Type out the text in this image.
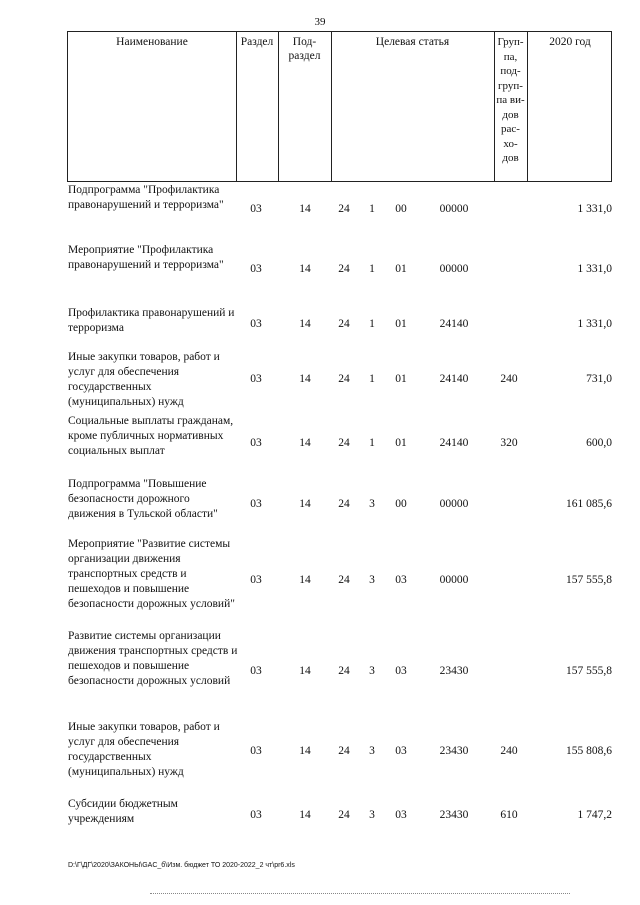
39
Наименование	Раздел	Под-
раздел
Целевая статья	Груп-
па,
под-
груп-
па ви-
дов
рас-
хо-
дов
2020 год
Подпрограмма "Профилактика правонарушений и терроризма"	03	14	24	1	00	00000	1 331,0
Мероприятие "Профилактика правонарушений и терроризма"	03	14	24	1	01	00000	1 331,0
Профилактика правонарушений и терроризма	03	14	24	1	01	24140	1 331,0
Иные закупки товаров, работ и услуг для обеспечения государственных (муниципальных) нужд
03	14	24	1	01	24140	240	731,0
Социальные выплаты гражданам, кроме публичных нормативных социальных выплат
03	14	24	1	01	24140	320	600,0
Подпрограмма "Повышение безопасности дорожного движения в Тульской области"
03	14	24	3	00	00000	161 085,6
Мероприятие "Развитие системы организации движения транспортных средств и пешеходов и повышение безопасности дорожных условий"
03	14	24	3	03	00000	157 555,8
Развитие системы организации движения транспортных средств и пешеходов и повышение безопасности дорожных условий
03	14	24	3	03	23430	157 555,8
Иные закупки товаров, работ и услуг для обеспечения государственных (муниципальных) нужд
03	14	24	3	03	23430	240	155 808,6
Субсидии бюджетным учреждениям	03	14	24	3	03	23430	610	1 747,2
D:\Г\ДГ\2020\ЗАКОНЫ\GAC_б\Изм. бюджет ТО 2020-2022_2 чт\pr6.xls
